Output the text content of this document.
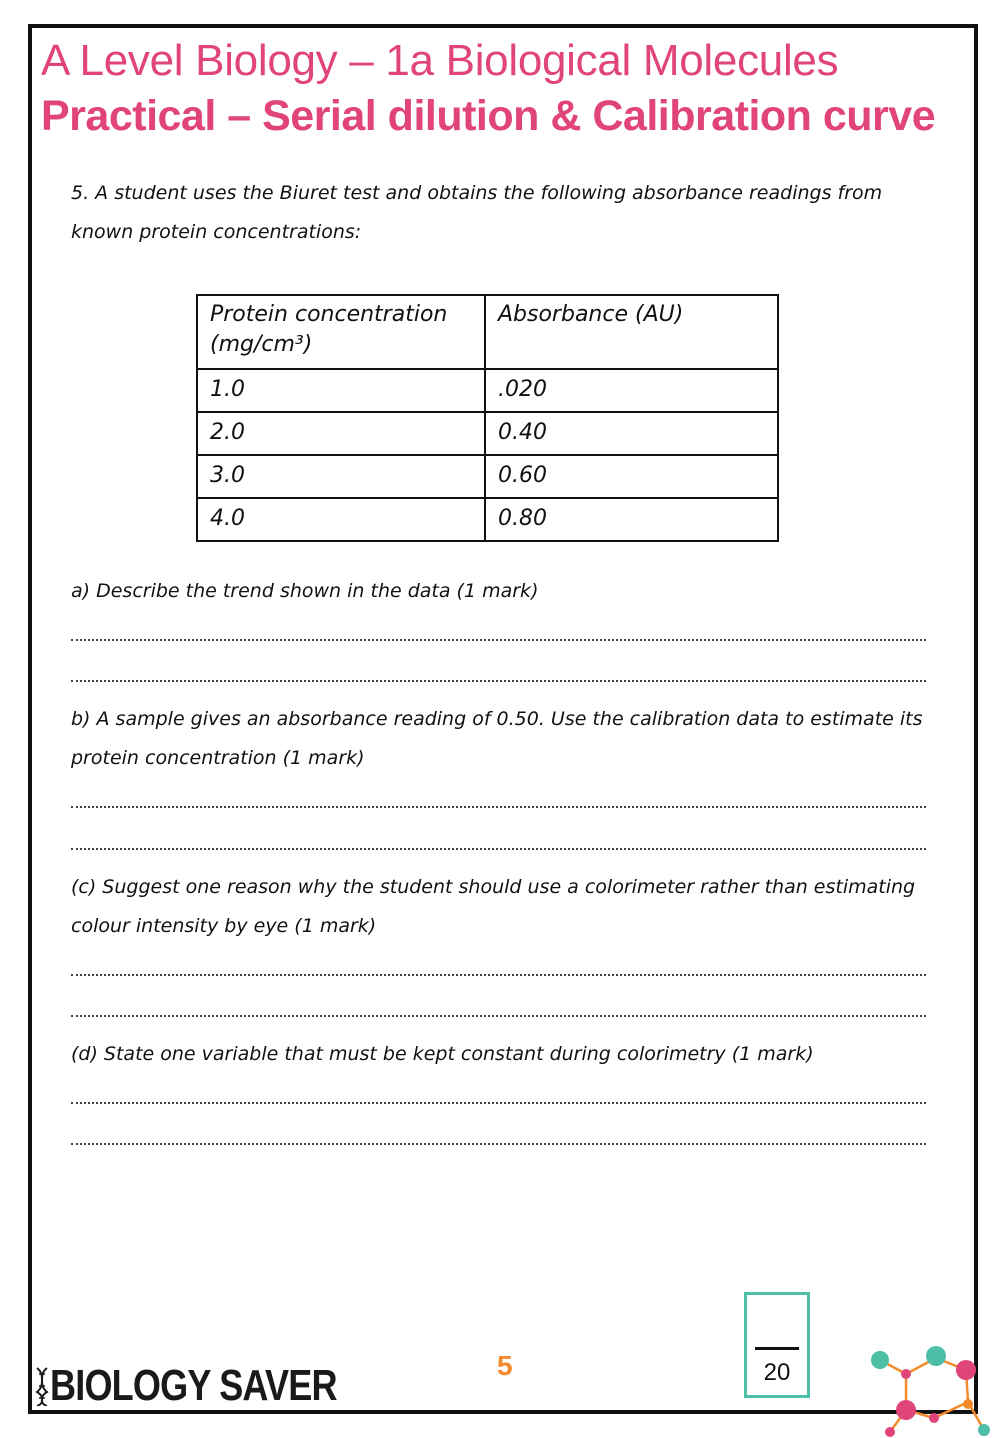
A Level Biology – 1a Biological Molecules
Practical – Serial dilution & Calibration curve
5. A student uses the Biuret test and obtains the following absorbance readings from known protein concentrations:
Protein concentration (mg/cm³)	Absorbance (AU)
1.0	.020
2.0	0.40
3.0	0.60
4.0	0.80
a) Describe the trend shown in the data (1 mark)
b) A sample gives an absorbance reading of 0.50. Use the calibration data to estimate its protein concentration (1 mark)
(c) Suggest one reason why the student should use a colorimeter rather than estimating colour intensity by eye (1 mark)
(d) State one variable that must be kept constant during colorimetry (1 mark)
BIOLOGY SAVER	5	20
